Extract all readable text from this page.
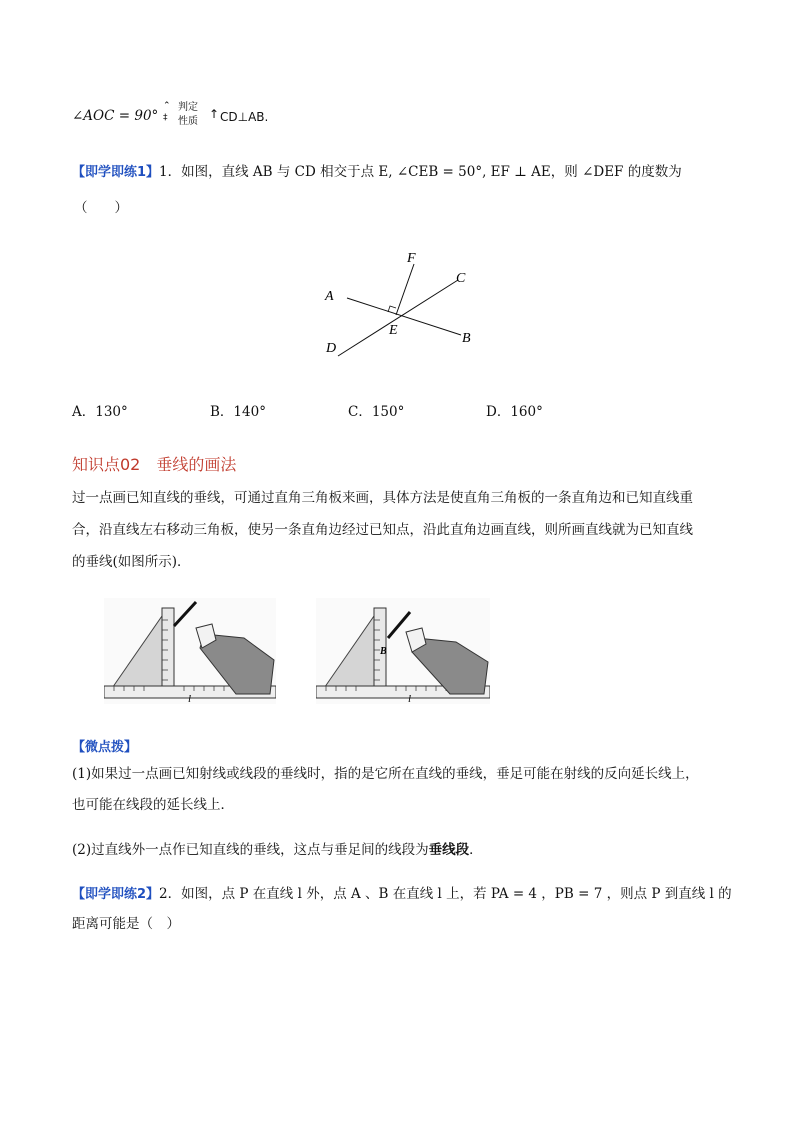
∠AOC = 90°
⌃
‡
判定
性质
↑ CD⊥AB.
【即学即练1】1．如图，直线 AB 与 CD 相交于点 E, ∠CEB = 50°, EF ⊥ AE，则 ∠DEF 的度数为
（　　）
F
C
A
E
B
D
A．130°	B．140°	C．150°	D．160°
知识点02　垂线的画法
过一点画已知直线的垂线，可通过直角三角板来画，具体方法是使直角三角板的一条直角边和已知直线重
合，沿直线左右移动三角板，使另一条直角边经过已知点，沿此直角边画直线，则所画直线就为已知直线
的垂线(如图所示)．
l
B
l
【微点拨】
(1)如果过一点画已知射线或线段的垂线时，指的是它所在直线的垂线，垂足可能在射线的反向延长线上，
也可能在线段的延长线上．
(2)过直线外一点作已知直线的垂线，这点与垂足间的线段为垂线段．
【即学即练2】2．如图，点 P 在直线 l 外，点 A 、B 在直线 l 上，若 PA = 4 ，PB = 7 ，则点 P 到直线 l 的
距离可能是（　）
